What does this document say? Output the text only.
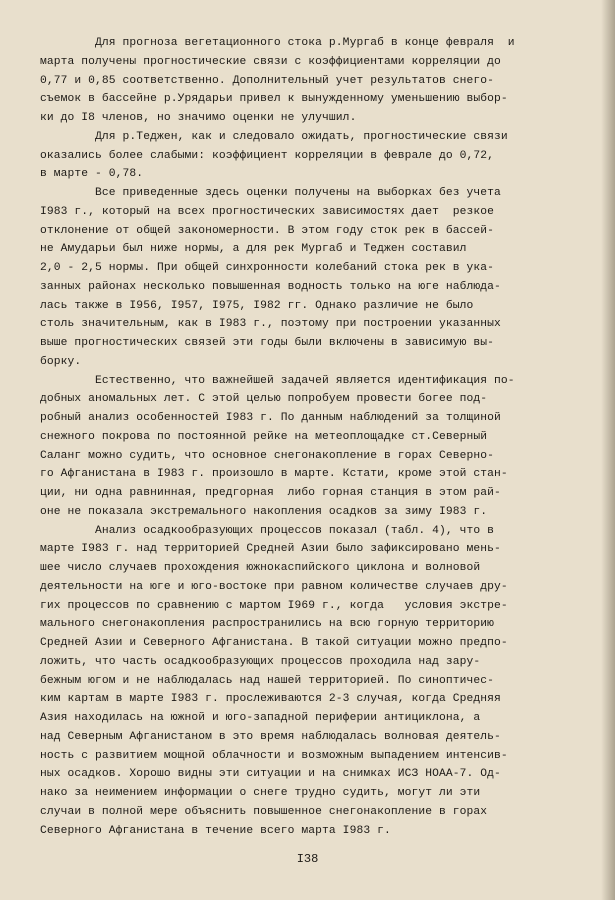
Для прогноза вегетационного стока р.Мургаб в конце февраля  и
марта получены прогностические связи с коэффициентами корреляции до
0,77 и 0,85 соответственно. Дополнительный учет результатов снего-
съемок в бассейне р.Урядарьи привел к вынужденному уменьшению выбор-
ки до I8 членов, но значимо оценки не улучшил.
Для р.Теджен, как и следовало ожидать, прогностические связи
оказались более слабыми: коэффициент корреляции в феврале до 0,72,
в марте - 0,78.
Все приведенные здесь оценки получены на выборках без учета
I983 г., который на всех прогностических зависимостях дает  резкое
отклонение от общей закономерности. В этом году сток рек в бассей-
не Амударьи был ниже нормы, а для рек Мургаб и Теджен составил
2,0 - 2,5 нормы. При общей синхронности колебаний стока рек в ука-
занных районах несколько повышенная водность только на юге наблюда-
лась также в I956, I957, I975, I982 гг. Однако различие не было
столь значительным, как в I983 г., поэтому при построении указанных
выше прогностических связей эти годы были включены в зависимую вы-
борку.
Естественно, что важнейшей задачей является идентификация по-
добных аномальных лет. С этой целью попробуем провести богее под-
робный анализ особенностей I983 г. По данным наблюдений за толщиной
снежного покрова по постоянной рейке на метеоплощадке ст.Северный
Саланг можно судить, что основное снегонакопление в горах Северно-
го Афганистана в I983 г. произошло в марте. Кстати, кроме этой стан-
ции, ни одна равнинная, предгорная  либо горная станция в этом рай-
оне не показала экстремального накопления осадков за зиму I983 г.
Анализ осадкообразующих процессов показал (табл. 4), что в
марте I983 г. над территорией Средней Азии было зафиксировано мень-
шее число случаев прохождения южнокаспийского циклона и волновой
деятельности на юге и юго-востоке при равном количестве случаев дру-
гих процессов по сравнению с мартом I969 г., когда   условия экстре-
мального снегонакопления распространились на всю горную территорию
Средней Азии и Северного Афганистана. В такой ситуации можно предпо-
ложить, что часть осадкообразующих процессов проходила над зару-
бежным югом и не наблюдалась над нашей территорией. По синоптичес-
ким картам в марте I983 г. прослеживаются 2-3 случая, когда Средняя
Азия находилась на южной и юго-западной периферии антициклона, а
над Северным Афганистаном в это время наблюдалась волновая деятель-
ность с развитием мощной облачности и возможным выпадением интенсив-
ных осадков. Хорошо видны эти ситуации и на снимках ИСЗ НОАА-7. Од-
нако за неимением информации о снеге трудно судить, могут ли эти
случаи в полной мере объяснить повышенное снегонакопление в горах
Северного Афганистана в течение всего марта I983 г.
I38
